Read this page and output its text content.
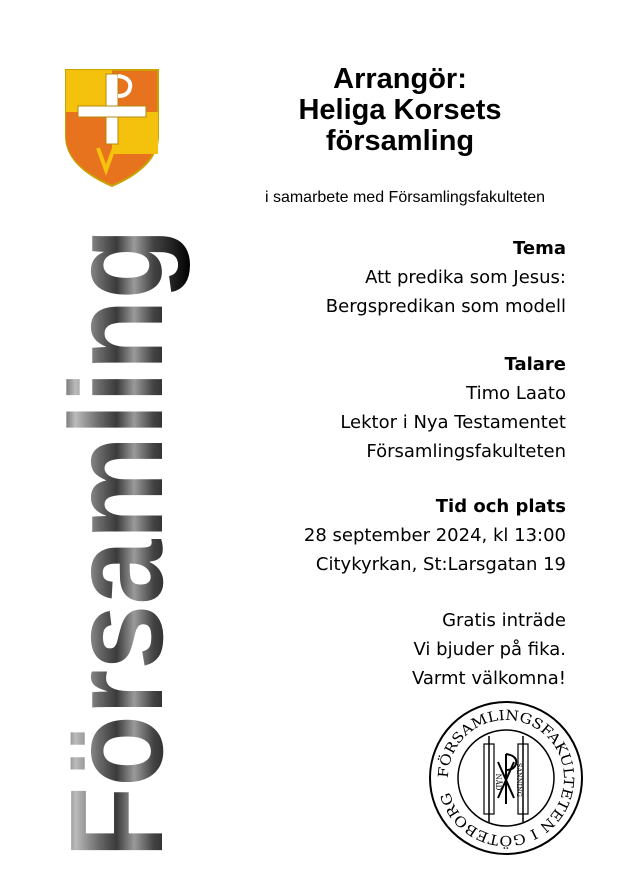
Församling
Arrangör:
Heliga Korsets
församling
i samarbete med Församlingsfakulteten
Tema
Att predika som Jesus:
Bergspredikan som modell
Talare
Timo Laato
Lektor i Nya Testamentet
Församlingsfakulteten
Tid och plats
28 september 2024, kl 13:00
Citykyrkan, St:Larsgatan 19
Gratis inträde
Vi bjuder på fika.
Varmt välkomna!
FÖRSAMLINGSFAKULTETEN I GÖTEBORG
NÅD SANNING
